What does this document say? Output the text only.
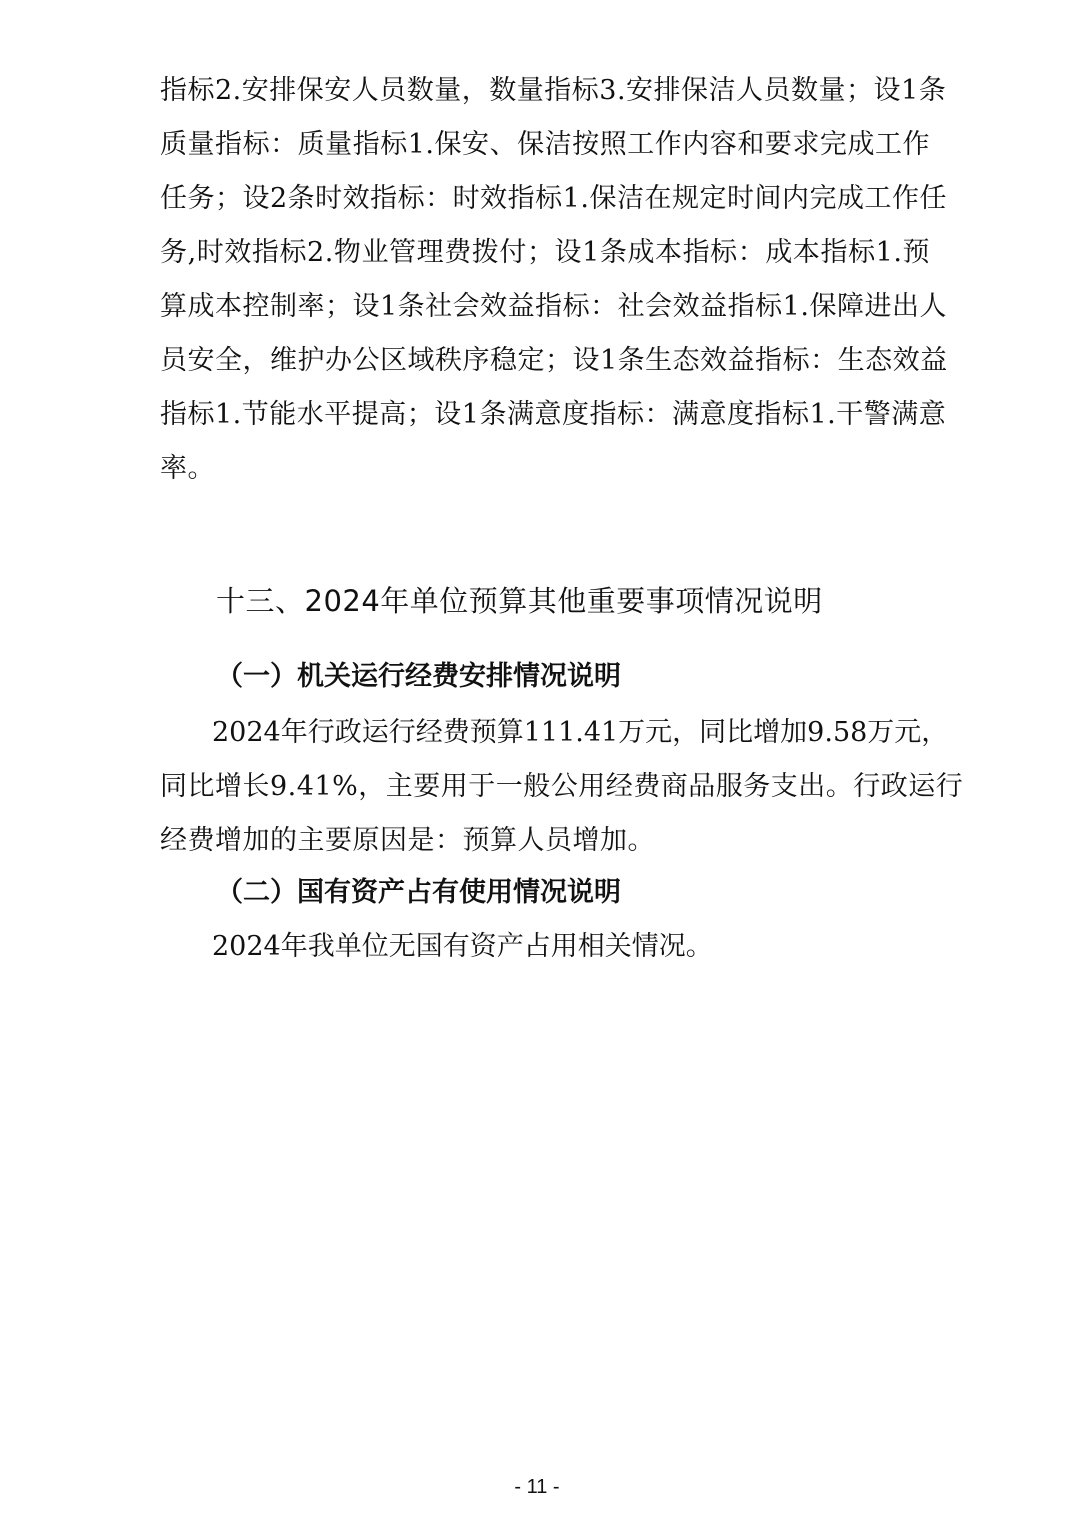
指标2.安排保安人员数量，数量指标3.安排保洁人员数量；设1条
质量指标：质量指标1.保安、保洁按照工作内容和要求完成工作
任务；设2条时效指标：时效指标1.保洁在规定时间内完成工作任
务,时效指标2.物业管理费拨付；设1条成本指标：成本指标1.预
算成本控制率；设1条社会效益指标：社会效益指标1.保障进出人
员安全，维护办公区域秩序稳定；设1条生态效益指标：生态效益
指标1.节能水平提高；设1条满意度指标：满意度指标1.干警满意
率。
十三、2024年单位预算其他重要事项情况说明
（一）机关运行经费安排情况说明
2024年行政运行经费预算111.41万元，同比增加9.58万元，
同比增长9.41%，主要用于一般公用经费商品服务支出。行政运行
经费增加的主要原因是：预算人员增加。
（二）国有资产占有使用情况说明
2024年我单位无国有资产占用相关情况。
- 11 -
